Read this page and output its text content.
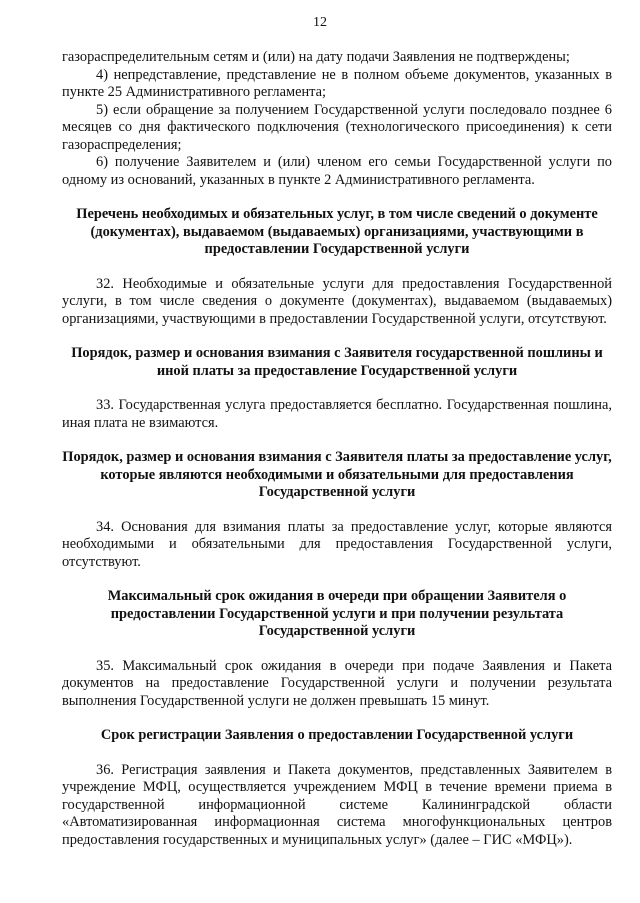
12

газораспределительным сетям и (или) на дату подачи Заявления не подтверждены;

4) непредставление, представление не в полном объеме документов, указанных в пункте 25 Административного регламента;

5) если обращение за получением Государственной услуги последовало позднее 6 месяцев со дня фактического подключения (технологического присоединения) к сети газораспределения;

6) получение Заявителем и (или) членом его семьи Государственной услуги по одному из оснований, указанных в пункте 2 Административного регламента.

Перечень необходимых и обязательных услуг, в том числе сведений о документе (документах), выдаваемом (выдаваемых) организациями, участвующими в предоставлении Государственной услуги

32. Необходимые и обязательные услуги для предоставления Государственной услуги, в том числе сведения о документе (документах), выдаваемом (выдаваемых) организациями, участвующими в предоставлении Государственной услуги, отсутствуют.

Порядок, размер и основания взимания с Заявителя государственной пошлины и иной платы за предоставление Государственной услуги

33. Государственная услуга предоставляется бесплатно. Государственная пошлина, иная плата не взимаются.

Порядок, размер и основания взимания с Заявителя платы за предоставление услуг, которые являются необходимыми и обязательными для предоставления Государственной услуги

34. Основания для взимания платы за предоставление услуг, которые являются необходимыми и обязательными для предоставления Государственной услуги, отсутствуют.

Максимальный срок ожидания в очереди при обращении Заявителя о предоставлении Государственной услуги и при получении результата Государственной услуги

35. Максимальный срок ожидания в очереди при подаче Заявления и Пакета документов на предоставление Государственной услуги и получении результата выполнения Государственной услуги не должен превышать 15 минут.

Срок регистрации Заявления о предоставлении Государственной услуги

36. Регистрация заявления и Пакета документов, представленных Заявителем в учреждение МФЦ, осуществляется учреждением МФЦ в течение времени приема в государственной информационной системе Калининградской области «Автоматизированная информационная система многофункциональных центров предоставления государственных и муниципальных услуг» (далее – ГИС «МФЦ»).
